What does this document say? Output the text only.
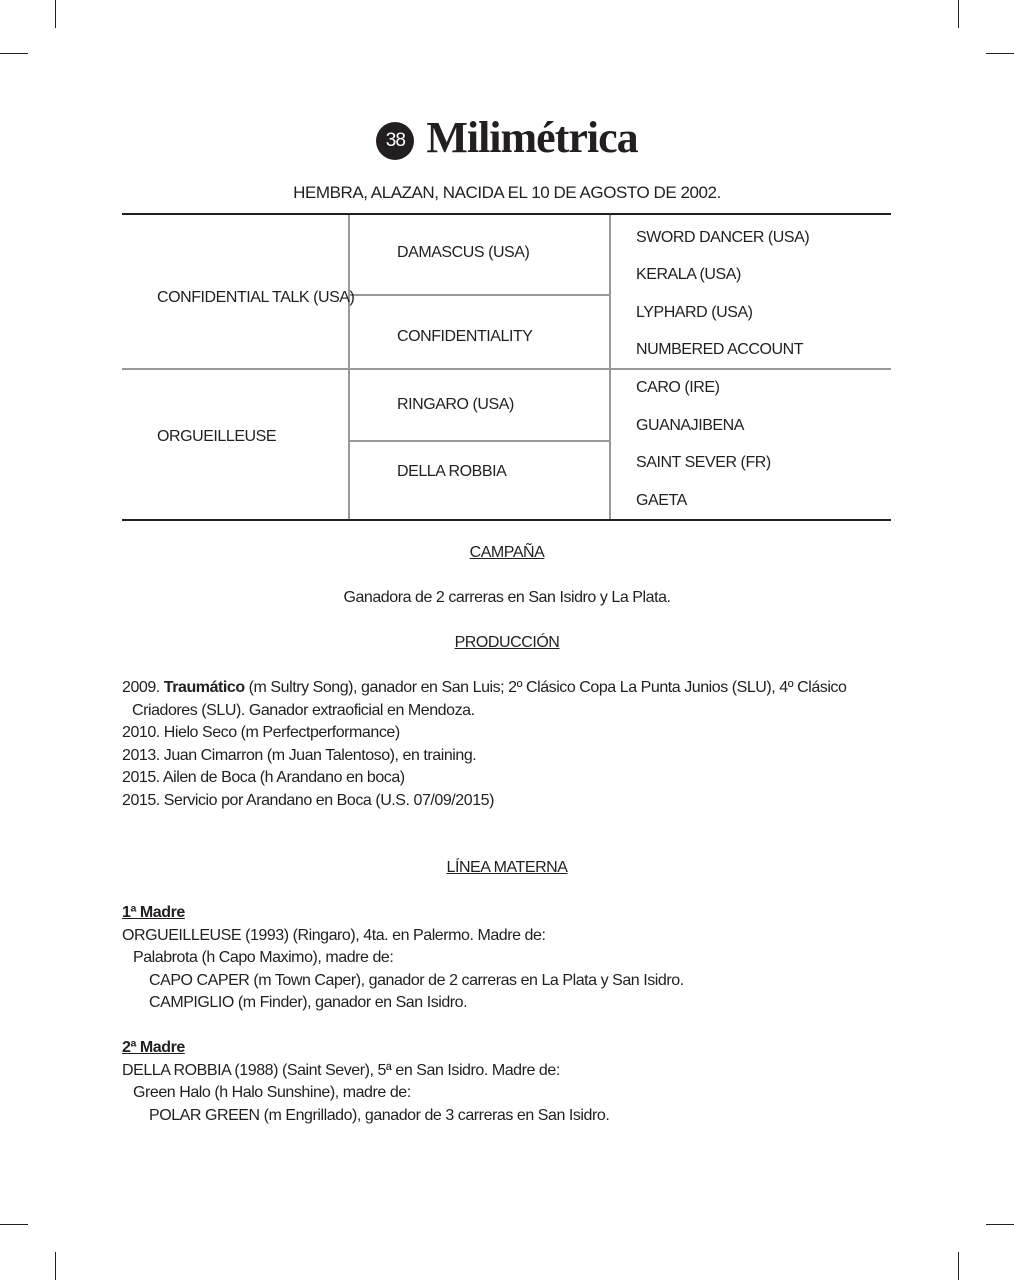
38 Milimétrica
HEMBRA, ALAZAN, NACIDA EL 10 DE AGOSTO DE 2002.
CONFIDENTIAL TALK (USA)
ORGUEILLEUSE
DAMASCUS (USA)
CONFIDENTIALITY
RINGARO (USA)
DELLA ROBBIA
SWORD DANCER (USA)
KERALA (USA)
LYPHARD (USA)
NUMBERED ACCOUNT
CARO (IRE)
GUANAJIBENA
SAINT SEVER (FR)
GAETA
CAMPAÑA
Ganadora de 2 carreras en San Isidro y La Plata.
PRODUCCIÓN
2009. Traumático (m Sultry Song), ganador en San Luis; 2º Clásico Copa La Punta Junios (SLU), 4º Clásico
Criadores (SLU). Ganador extraoficial en Mendoza.
2010. Hielo Seco (m Perfectperformance)
2013. Juan Cimarron (m Juan Talentoso), en training.
2015. Ailen de Boca (h Arandano en boca)
2015. Servicio por Arandano en Boca (U.S. 07/09/2015)
LÍNEA MATERNA
1ª Madre
ORGUEILLEUSE (1993) (Ringaro), 4ta. en Palermo. Madre de:
Palabrota (h Capo Maximo), madre de:
CAPO CAPER (m Town Caper), ganador de 2 carreras en La Plata y San Isidro.
CAMPIGLIO (m Finder), ganador en San Isidro.
2ª Madre
DELLA ROBBIA (1988) (Saint Sever), 5ª en San Isidro. Madre de:
Green Halo (h Halo Sunshine), madre de:
POLAR GREEN (m Engrillado), ganador de 3 carreras en San Isidro.
